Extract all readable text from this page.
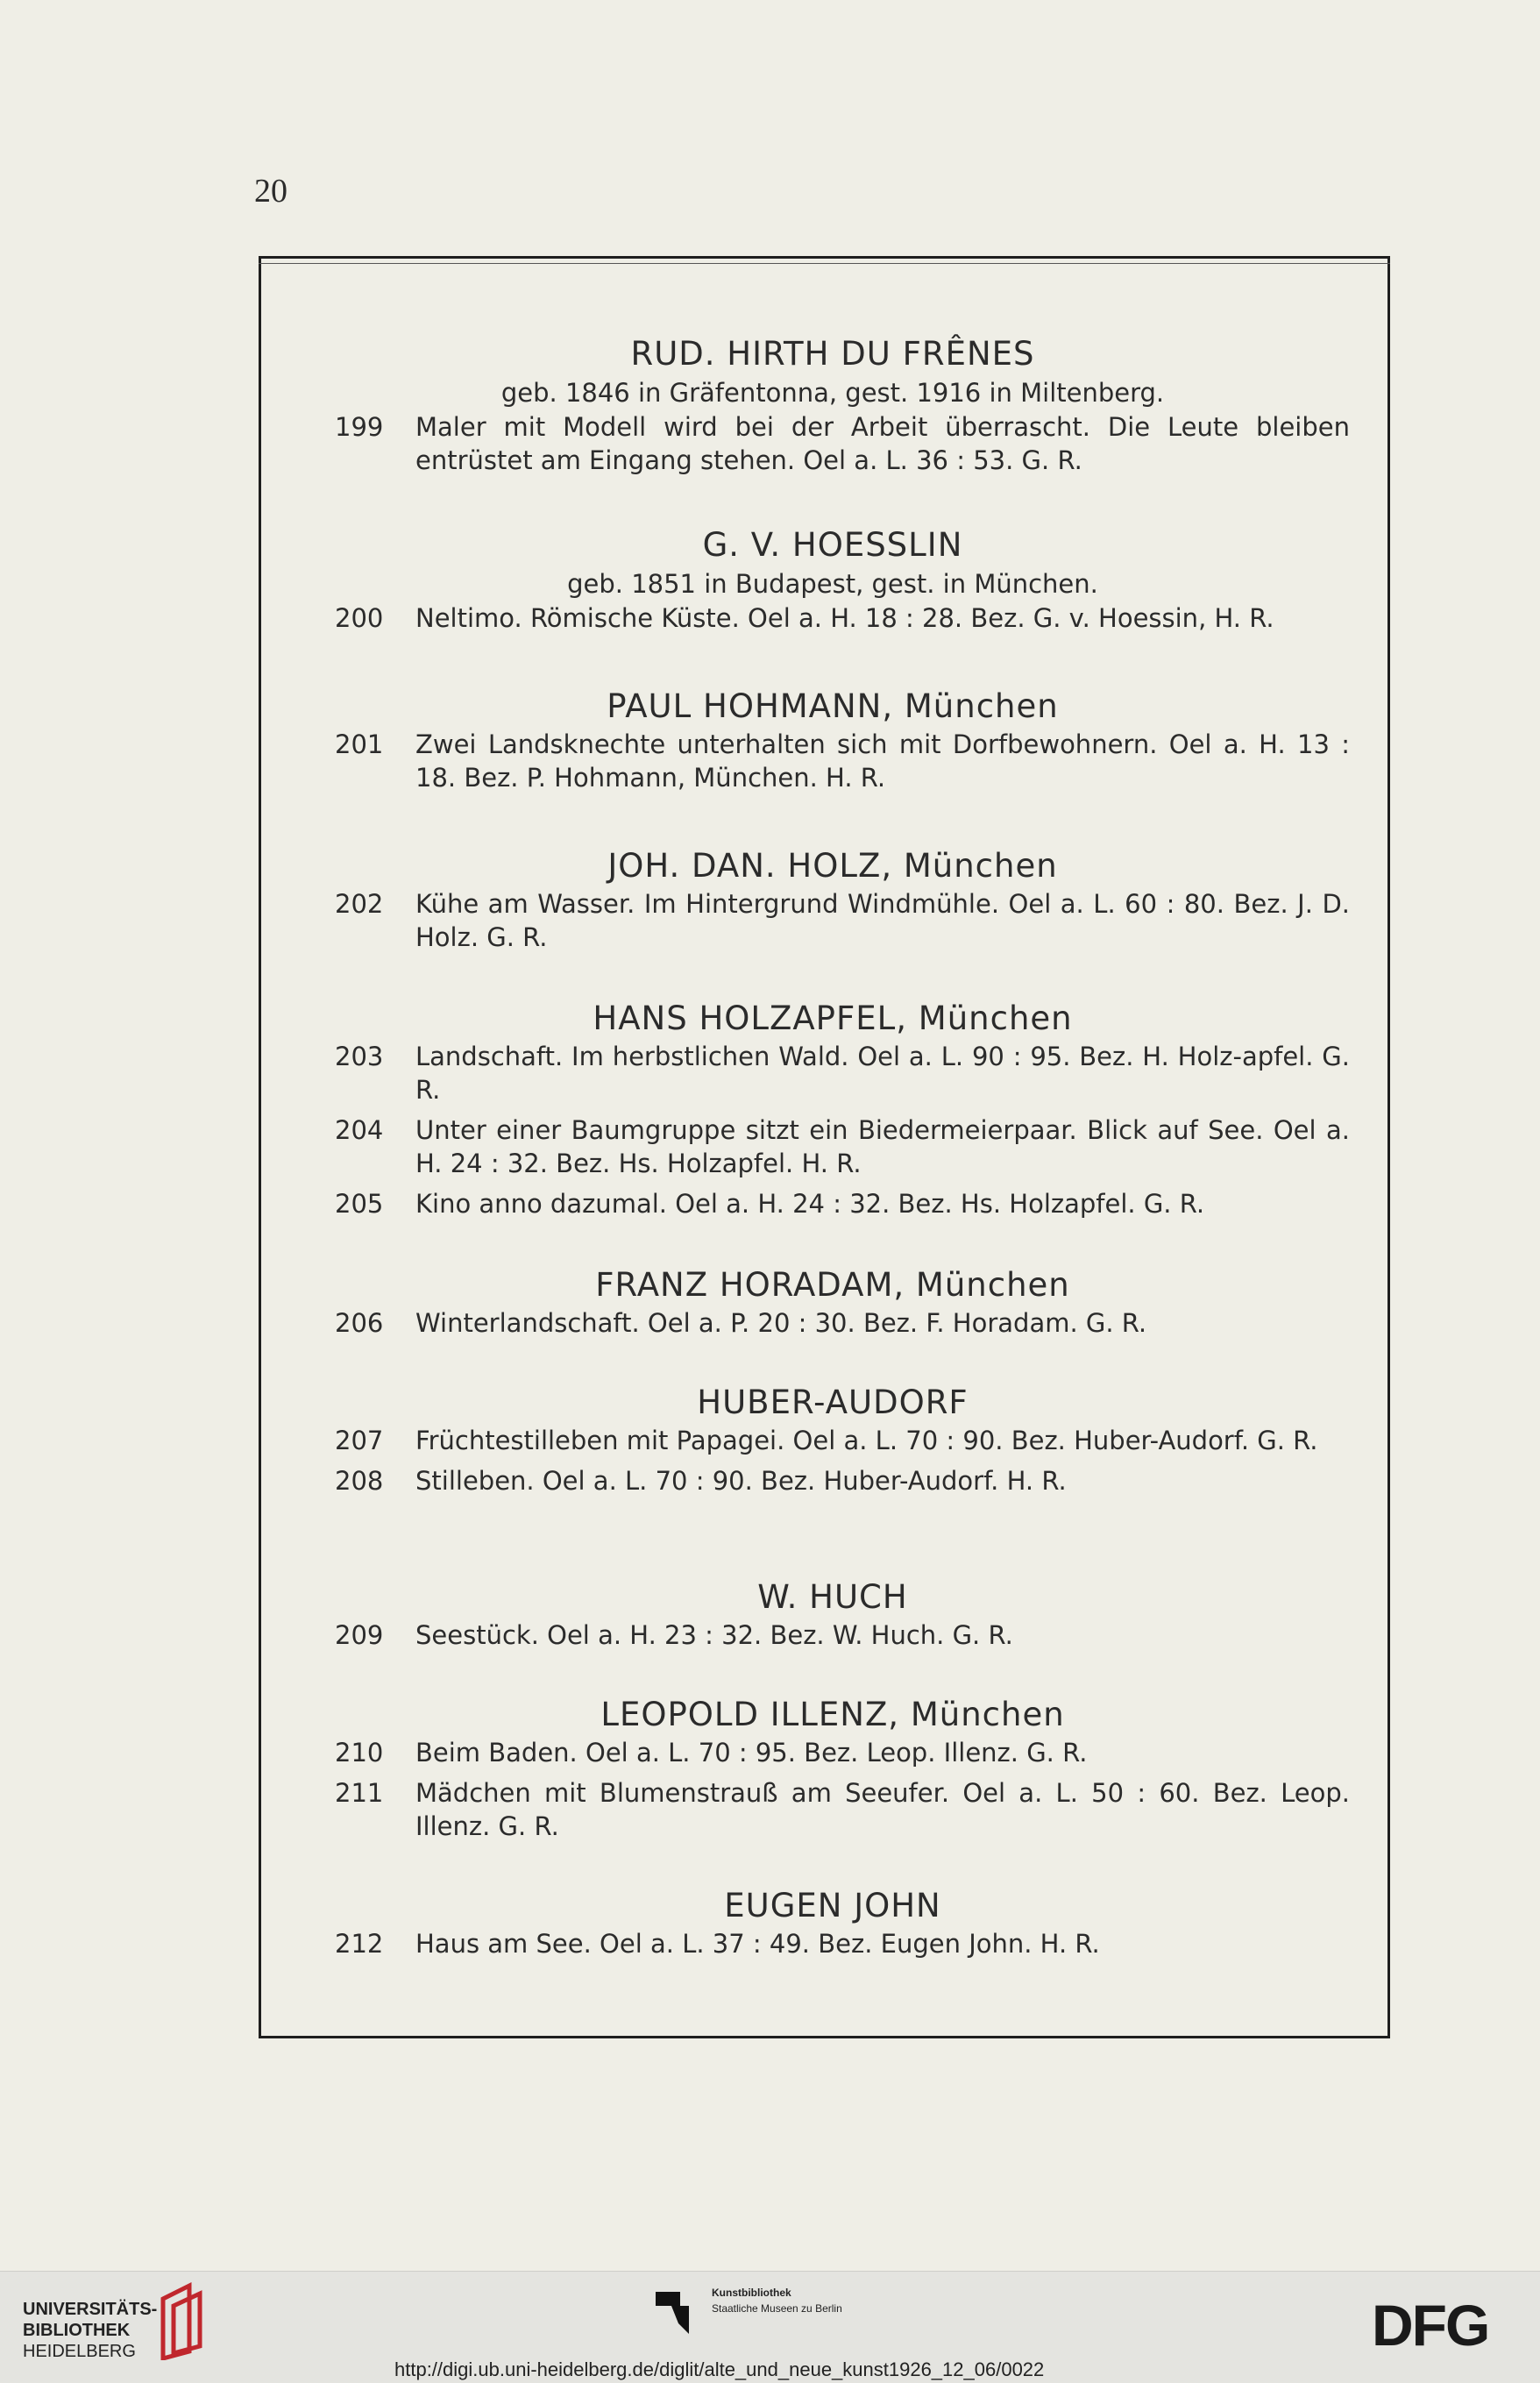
20
RUD. HIRTH DU FRÊNES
geb. 1846 in Gräfentonna, gest. 1916 in Miltenberg.
199 Maler mit Modell wird bei der Arbeit überrascht. Die Leute bleiben entrüstet am Eingang stehen. Oel a. L. 36 : 53. G. R.
G. V. HOESSLIN
geb. 1851 in Budapest, gest. in München.
200 Neltimo. Römische Küste. Oel a. H. 18 : 28. Bez. G. v. Hoessin, H. R.
PAUL HOHMANN, München
201 Zwei Landsknechte unterhalten sich mit Dorfbewohnern. Oel a. H. 13 : 18. Bez. P. Hohmann, München. H. R.
JOH. DAN. HOLZ, München
202 Kühe am Wasser. Im Hintergrund Windmühle. Oel a. L. 60 : 80. Bez. J. D. Holz. G. R.
HANS HOLZAPFEL, München
203 Landschaft. Im herbstlichen Wald. Oel a. L. 90 : 95. Bez. H. Holz-apfel. G. R.
204 Unter einer Baumgruppe sitzt ein Biedermeierpaar. Blick auf See. Oel a. H. 24 : 32. Bez. Hs. Holzapfel. H. R.
205 Kino anno dazumal. Oel a. H. 24 : 32. Bez. Hs. Holzapfel. G. R.
FRANZ HORADAM, München
206 Winterlandschaft. Oel a. P. 20 : 30. Bez. F. Horadam. G. R.
HUBER-AUDORF
207 Früchtestilleben mit Papagei. Oel a. L. 70 : 90. Bez. Huber-Audorf. G. R.
208 Stilleben. Oel a. L. 70 : 90. Bez. Huber-Audorf. H. R.
W. HUCH
209 Seestück. Oel a. H. 23 : 32. Bez. W. Huch. G. R.
LEOPOLD ILLENZ, München
210 Beim Baden. Oel a. L. 70 : 95. Bez. Leop. Illenz. G. R.
211 Mädchen mit Blumenstrauß am Seeufer. Oel a. L. 50 : 60. Bez. Leop. Illenz. G. R.
EUGEN JOHN
212 Haus am See. Oel a. L. 37 : 49. Bez. Eugen John. H. R.
UNIVERSITÄTS-
BIBLIOTHEK
HEIDELBERG
Kunstbibliothek
Staatliche Museen zu Berlin	DFG
http://digi.ub.uni-heidelberg.de/diglit/alte_und_neue_kunst1926_12_06/0022
